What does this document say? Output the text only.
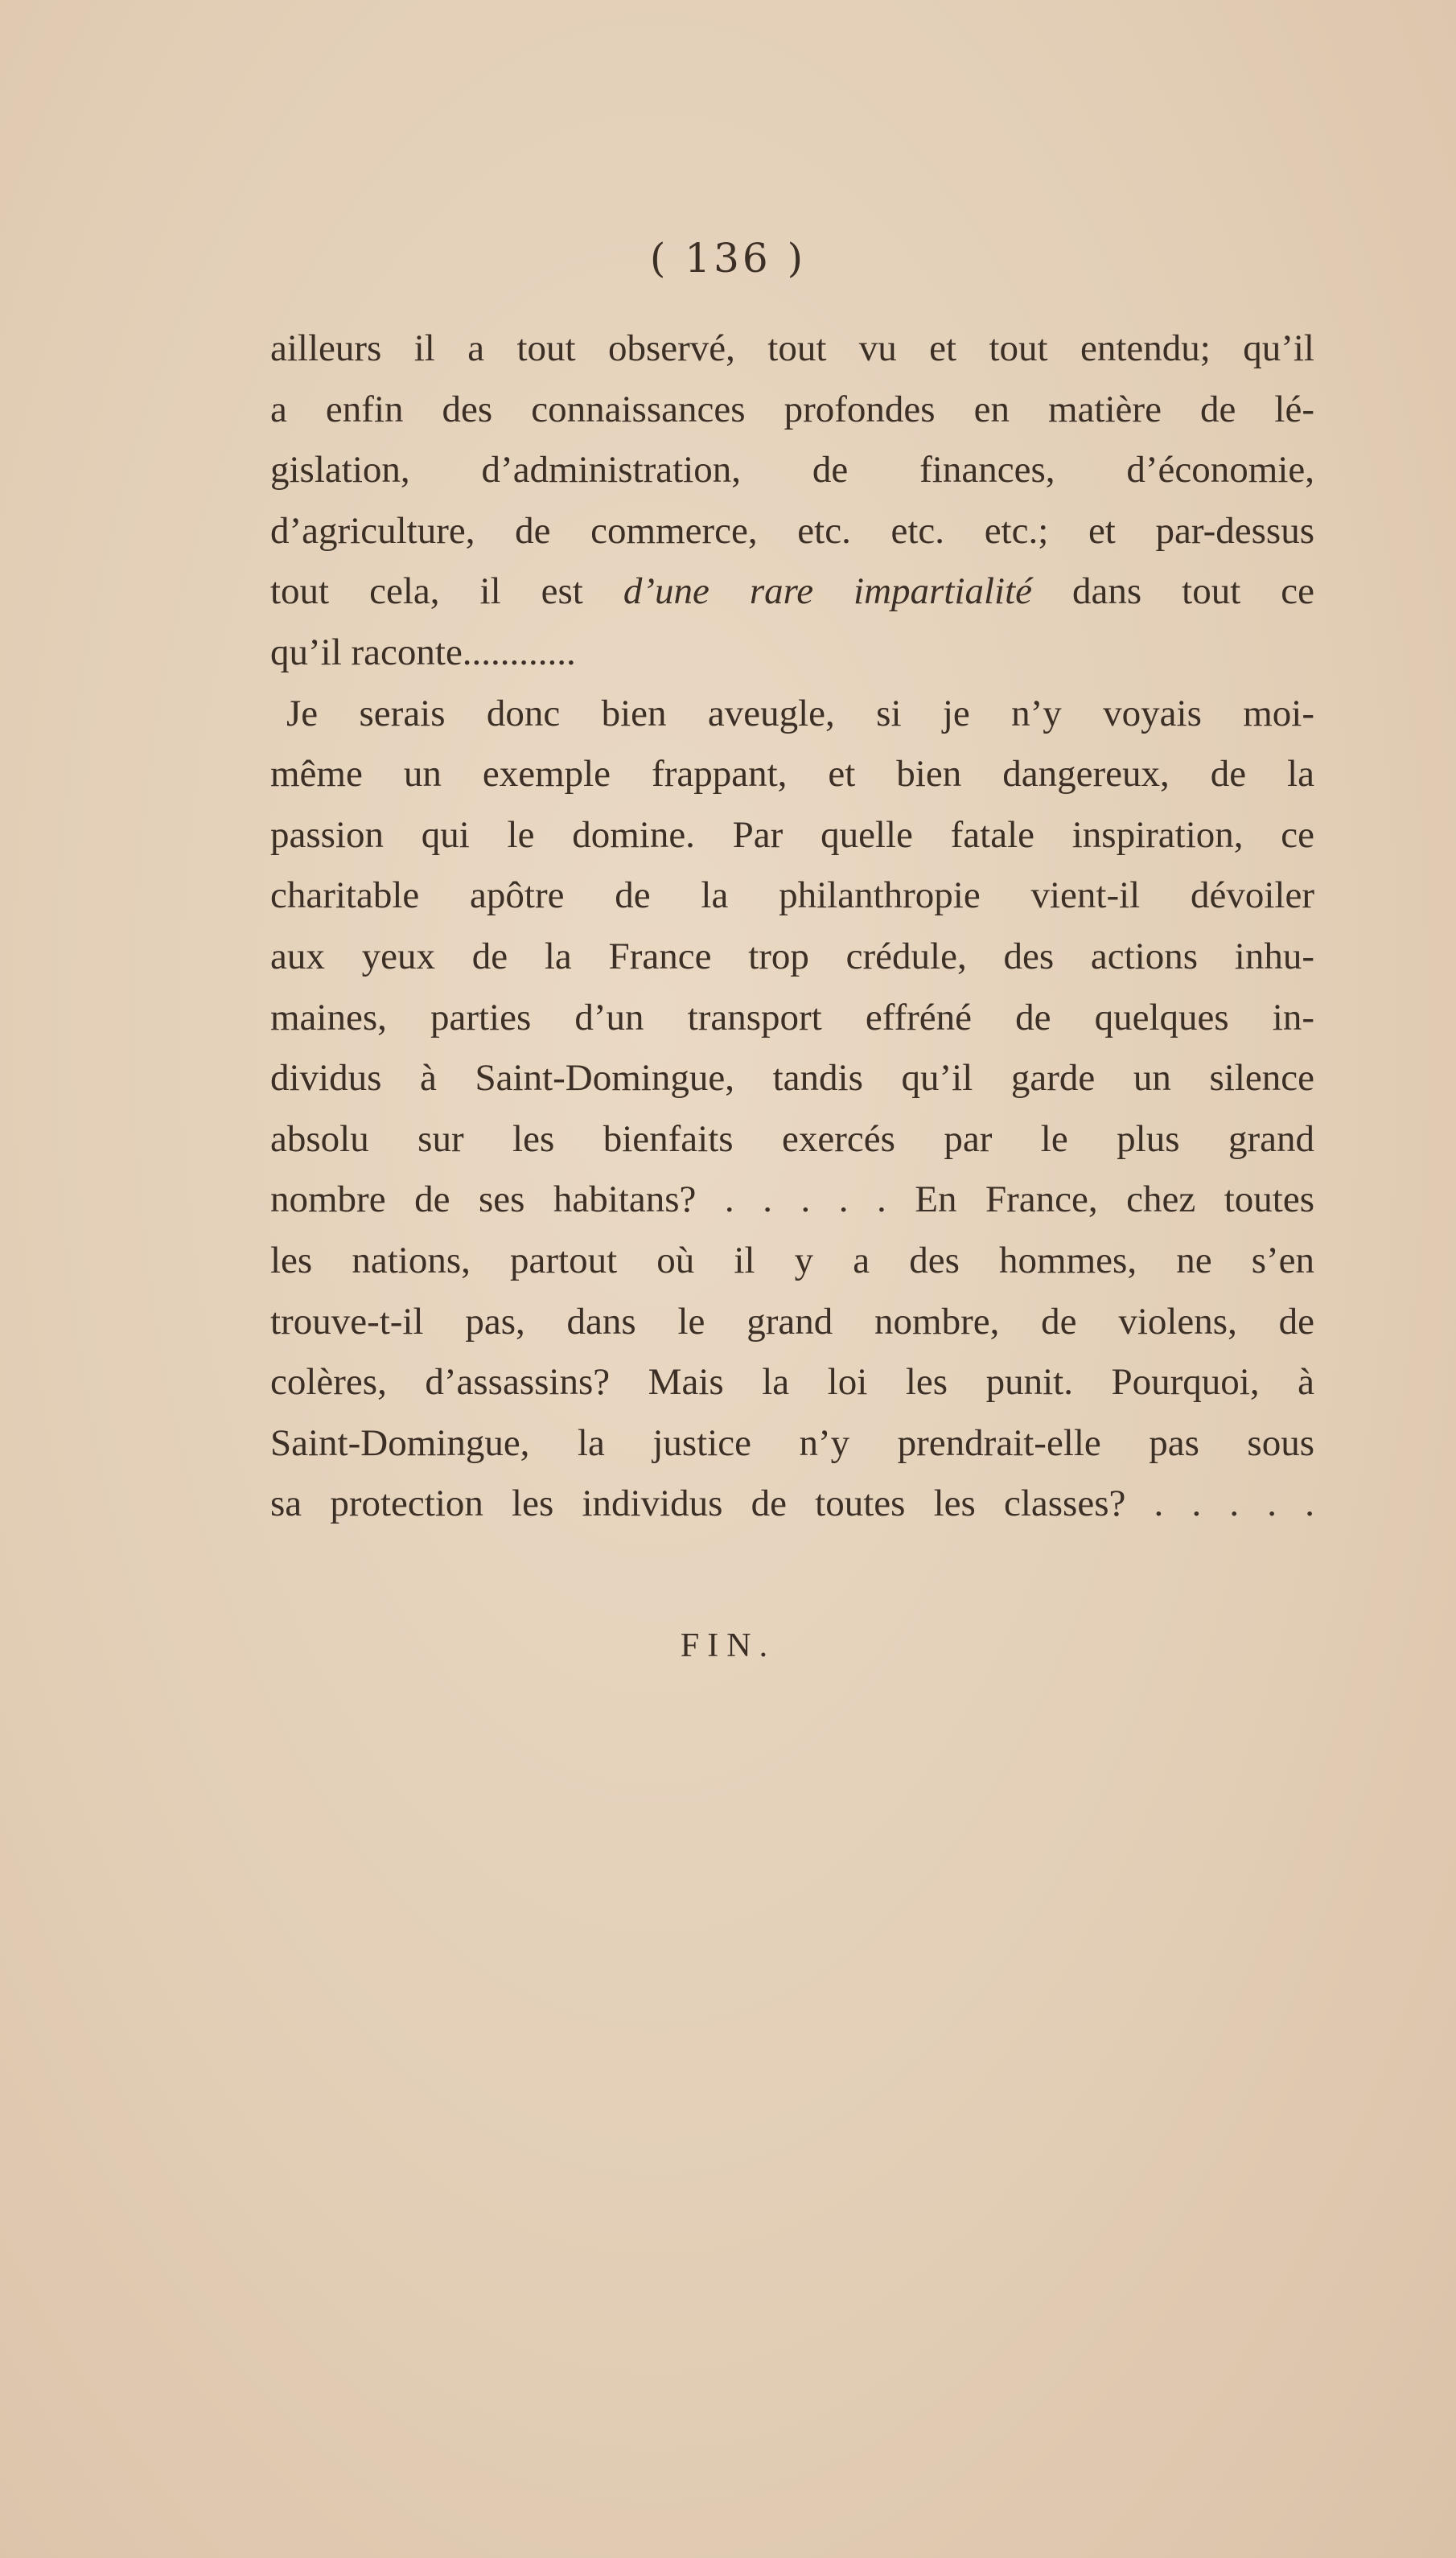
( 136 )
ailleurs il a tout observé, tout vu et tout entendu; qu’il
a enfin des connaissances profondes en matière de lé-
gislation, d’administration, de finances, d’économie,
d’agriculture, de commerce, etc. etc. etc.; et par-dessus
tout cela, il est d’une rare impartialité dans tout ce
qu’il raconte............
Je serais donc bien aveugle, si je n’y voyais moi-
même un exemple frappant, et bien dangereux, de la
passion qui le domine. Par quelle fatale inspiration, ce
charitable apôtre de la philanthropie vient-il dévoiler
aux yeux de la France trop crédule, des actions inhu-
maines, parties d’un transport effréné de quelques in-
dividus à Saint-Domingue, tandis qu’il garde un silence
absolu sur les bienfaits exercés par le plus grand
nombre de ses habitans? . . . . . En France, chez toutes
les nations, partout où il y a des hommes, ne s’en
trouve-t-il pas, dans le grand nombre, de violens, de
colères, d’assassins? Mais la loi les punit. Pourquoi, à
Saint-Domingue, la justice n’y prendrait-elle pas sous
sa protection les individus de toutes les classes? . . . . .
FIN.
